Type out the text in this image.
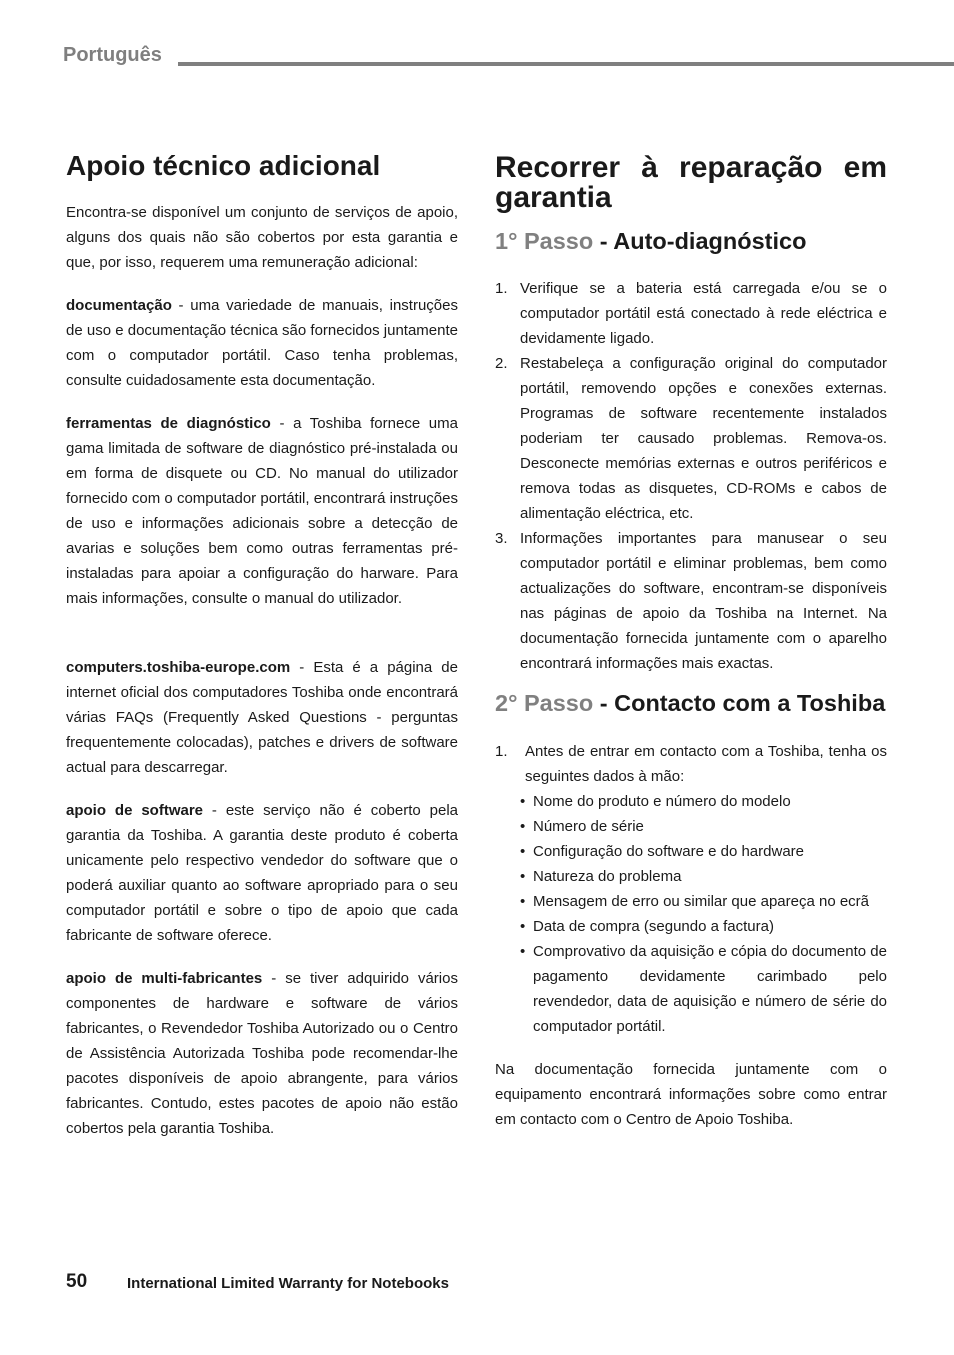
Português
Apoio técnico adicional

Encontra-se disponível um conjunto de serviços de apoio, alguns dos quais não são cobertos por esta garantia e que, por isso, requerem uma remuneração adicional:

documentação - uma variedade de manuais, instruções de uso e documentação técnica são fornecidos juntamente com o computador portátil. Caso tenha problemas, consulte cuidadosamente esta documentação.

ferramentas de diagnóstico - a Toshiba fornece uma gama limitada de software de diagnóstico pré-instalada ou em forma de disquete ou CD. No manual do utilizador fornecido com o computador portátil, encontrará instruções de uso e informações adicionais sobre a detecção de avarias e soluções bem como outras ferramentas pré-instaladas para apoiar a configuração do harware. Para mais informações, consulte o manual do utilizador.

computers.toshiba-europe.com - Esta é a página de internet oficial dos computadores Toshiba onde encontrará várias FAQs (Frequently Asked Questions - perguntas frequentemente colocadas), patches e drivers de software actual para descarregar.

apoio de software - este serviço não é coberto pela garantia da Toshiba. A garantia deste produto é coberta unicamente pelo respectivo vendedor do software que o poderá auxiliar quanto ao software apropriado para o seu computador portátil e sobre o tipo de apoio que cada fabricante de software oferece.

apoio de multi-fabricantes - se tiver adquirido vários componentes de hardware e software de vários fabricantes, o Revendedor Toshiba Autorizado ou o Centro de Assistência Autorizada Toshiba pode recomendar-lhe pacotes disponíveis de apoio abrangente, para vários fabricantes. Contudo, estes pacotes de apoio não estão cobertos pela garantia Toshiba.

Recorrer à reparação em
garantia
1° Passo - Auto-diagnóstico
1. Verifique se a bateria está carregada e/ou se o computador portátil está conectado à rede eléctrica e devidamente ligado.
2. Restabeleça a configuração original do computador portátil, removendo opções e conexões externas. Programas de software recentemente instalados poderiam ter causado problemas. Remova-os. Desconecte memórias externas e outros periféricos e remova todas as disquetes, CD-ROMs e cabos de alimentação eléctrica, etc.
3. Informações importantes para manusear o seu computador portátil e eliminar problemas, bem como actualizações do software, encontram-se disponíveis nas páginas de apoio da Toshiba na Internet. Na documentação fornecida juntamente com o aparelho encontrará informações mais exactas.
2° Passo - Contacto com a Toshiba
1. Antes de entrar em contacto com a Toshiba, tenha os seguintes dados à mão:
• Nome do produto e número do modelo
• Número de série
• Configuração do software e do hardware
• Natureza do problema
• Mensagem de erro ou similar que apareça no ecrã
• Data de compra (segundo a factura)
• Comprovativo da aquisição e cópia do documento de pagamento devidamente carimbado pelo revendedor, data de aquisição e número de série do computador portátil.

Na documentação fornecida juntamente com o equipamento encontrará informações sobre como entrar em contacto com o Centro de Apoio Toshiba.

50	International Limited Warranty for Notebooks
